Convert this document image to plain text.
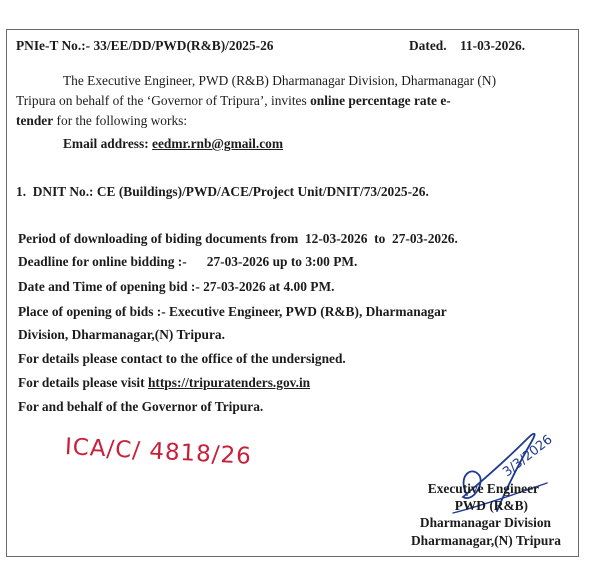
PNIe-T No.:- 33/EE/DD/PWD(R&B)/2025-26	Dated. 11-03-2026.
The Executive Engineer, PWD (R&B) Dharmanagar Division, Dharmanagar (N)
Tripura on behalf of the ‘Governor of Tripura’, invites online percentage rate e-
tender for the following works:
Email address: eedmr.rnb@gmail.com
1. DNIT No.: CE (Buildings)/PWD/ACE/Project Unit/DNIT/73/2025-26.
Period of downloading of biding documents from 12-03-2026 to 27-03-2026.
Deadline for online bidding :- 27-03-2026 up to 3:00 PM.
Date and Time of opening bid :- 27-03-2026 at 4.00 PM.
Place of opening of bids :- Executive Engineer, PWD (R&B), Dharmanagar
Division, Dharmanagar,(N) Tripura.
For details please contact to the office of the undersigned.
For details please visit https://tripuratenders.gov.in
For and behalf of the Governor of Tripura.
ICA/C/ 4818/26	3/3/2026
Executive Engineer
PWD (R&B)
Dharmanagar Division
Dharmanagar,(N) Tripura
